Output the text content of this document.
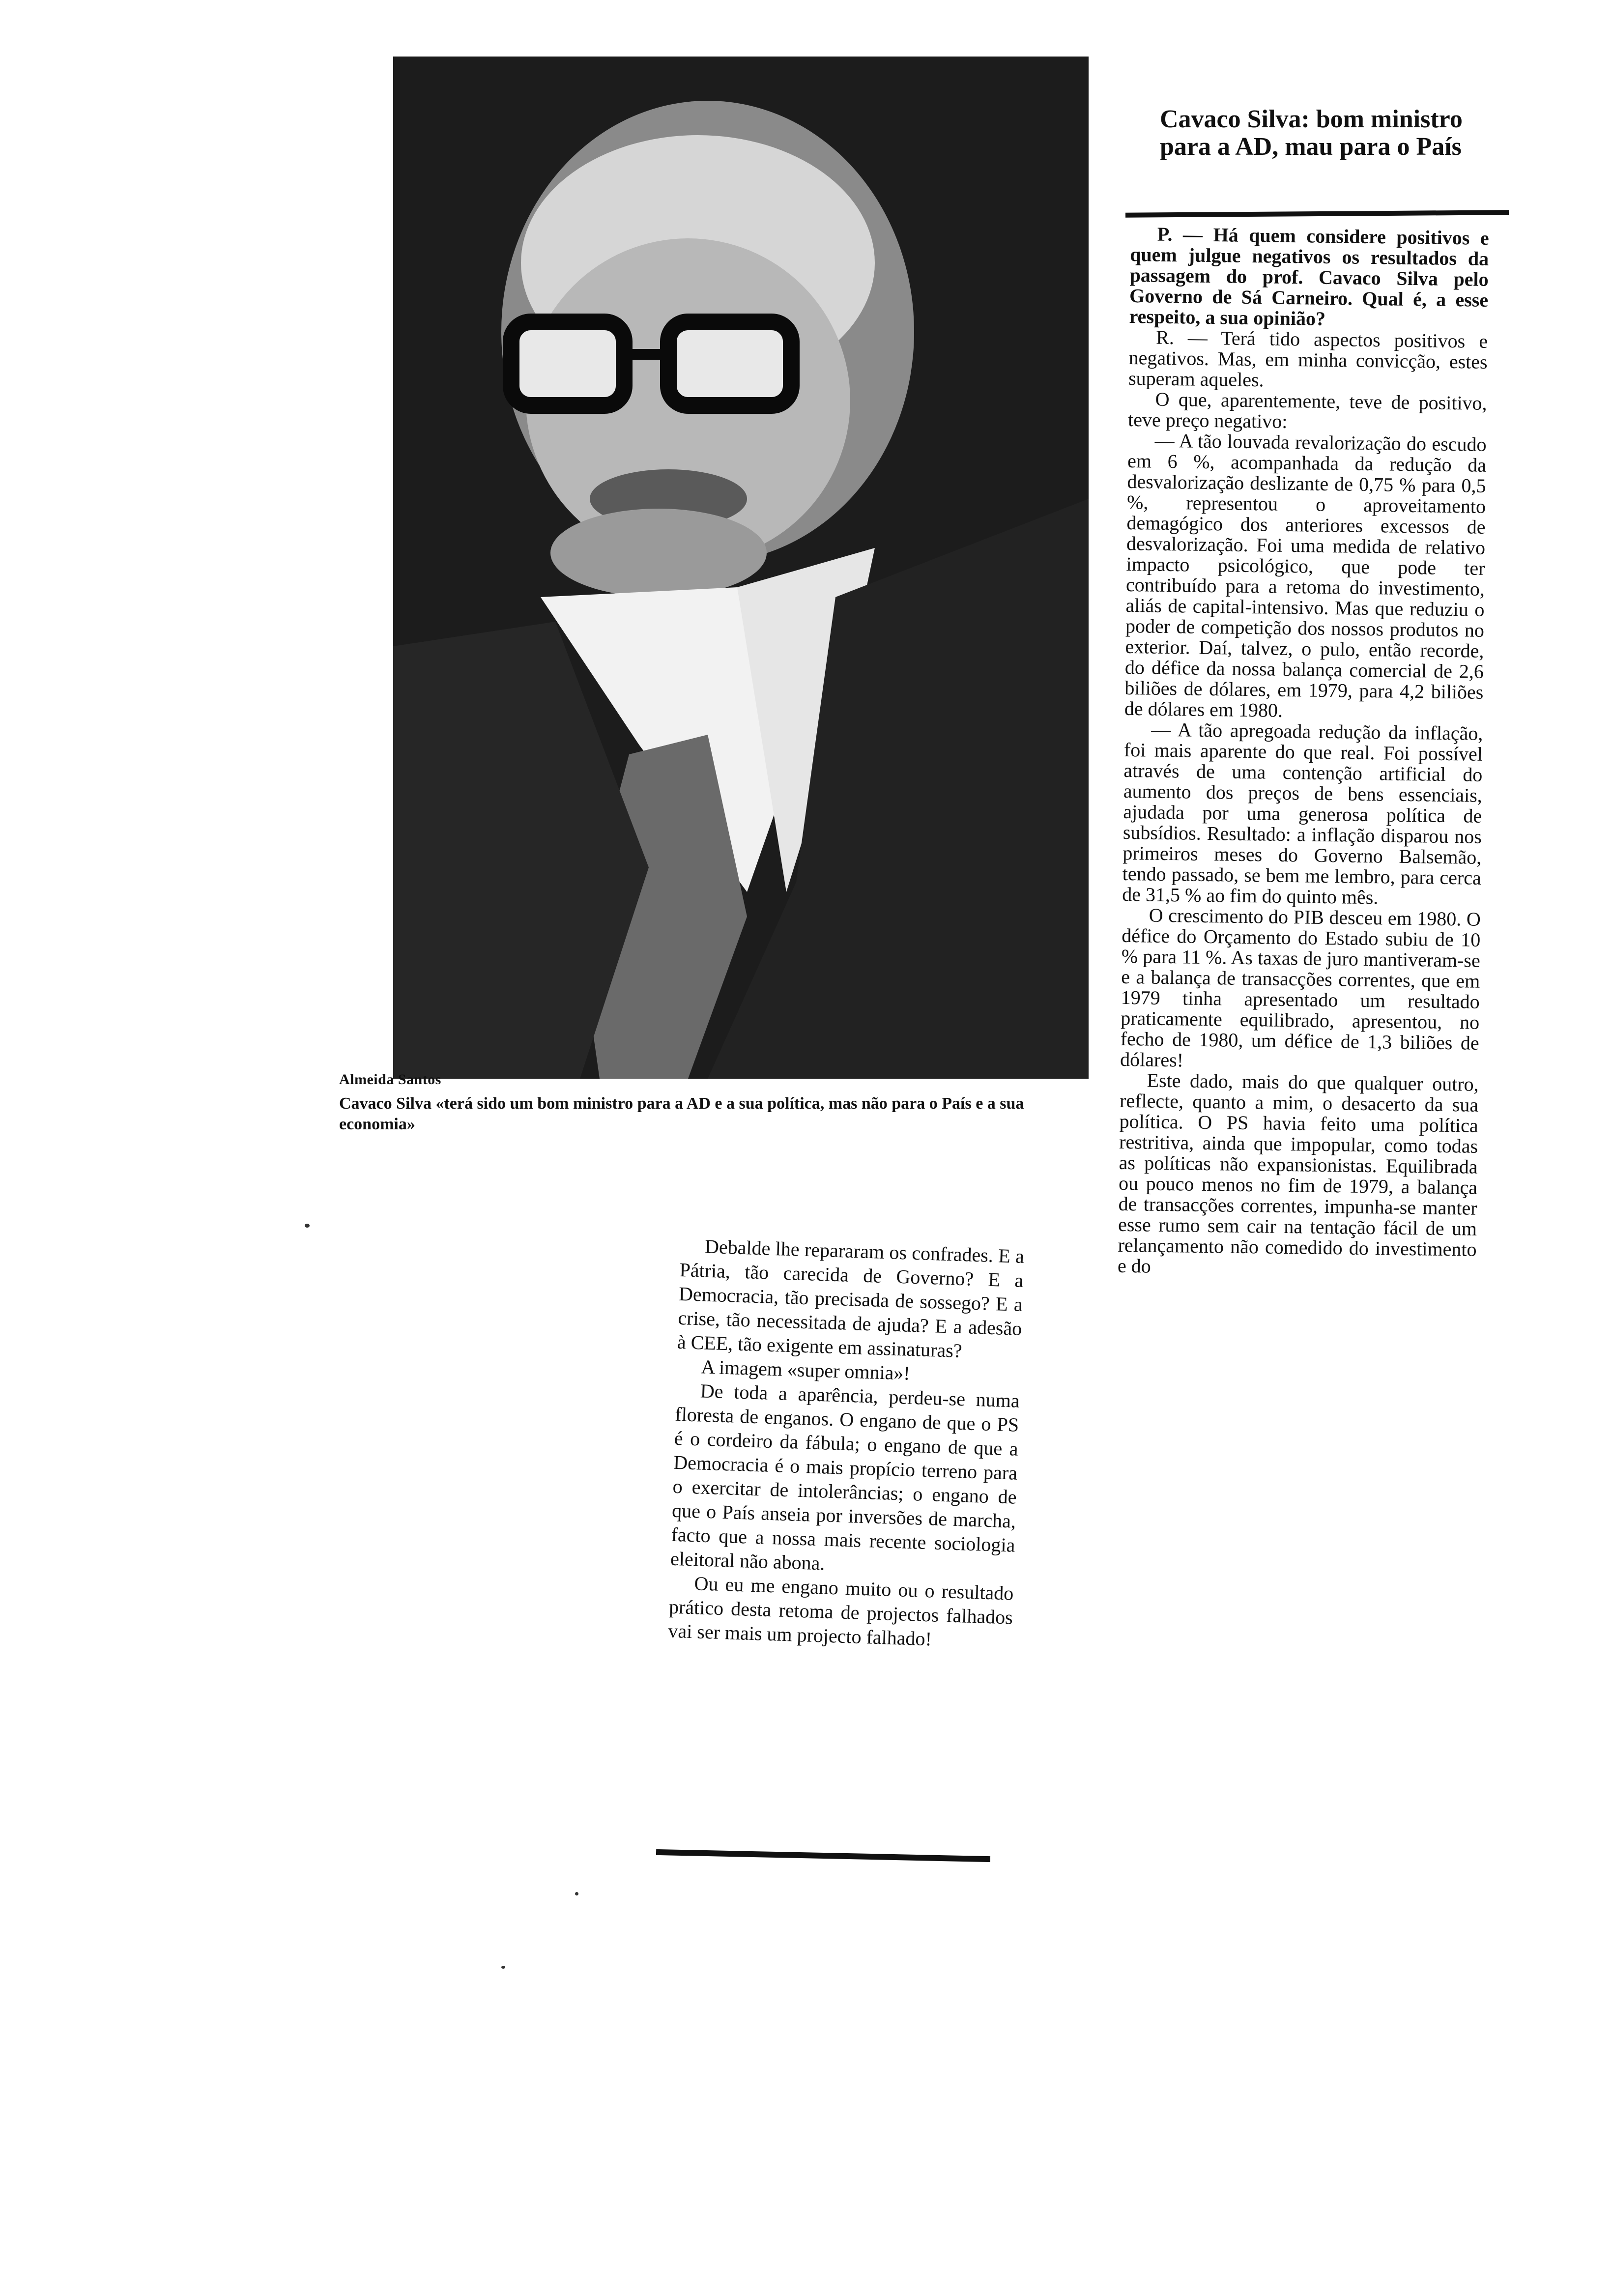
Almeida Santos
Cavaco Silva «terá sido um bom ministro para a AD e a sua política, mas não para o País e a sua economia»

Debalde lhe repararam os confrades. E a Pátria, tão carecida de Governo? E a Democracia, tão precisada de sossego? E a crise, tão necessitada de ajuda? E a adesão à CEE, tão exigente em assinaturas?

A imagem «super omnia»!

De toda a aparência, perdeu-se numa floresta de enganos. O engano de que o PS é o cordeiro da fábula; o engano de que a Democracia é o mais propício terreno para o exercitar de intolerâncias; o engano de que o País anseia por inversões de marcha, facto que a nossa mais recente sociologia eleitoral não abona.

Ou eu me engano muito ou o resultado prático desta retoma de projectos falhados vai ser mais um projecto falhado!

Cavaco Silva: bom ministro para a AD, mau para o País

P. — Há quem considere positivos e quem julgue negativos os resultados da passagem do prof. Cavaco Silva pelo Governo de Sá Carneiro. Qual é, a esse respeito, a sua opinião?

R. — Terá tido aspectos positivos e negativos. Mas, em minha convicção, estes superam aqueles.

O que, aparentemente, teve de positivo, teve preço negativo:

— A tão louvada revalorização do escudo em 6 %, acompanhada da redução da desvalorização deslizante de 0,75 % para 0,5 %, representou o aproveitamento demagógico dos anteriores excessos de desvalorização. Foi uma medida de relativo impacto psicológico, que pode ter contribuído para a retoma do investimento, aliás de capital-intensivo. Mas que reduziu o poder de competição dos nossos produtos no exterior. Daí, talvez, o pulo, então recorde, do défice da nossa balança comercial de 2,6 biliões de dólares, em 1979, para 4,2 biliões de dólares em 1980.

— A tão apregoada redução da inflação, foi mais aparente do que real. Foi possível através de uma contenção artificial do aumento dos preços de bens essenciais, ajudada por uma generosa política de subsídios. Resultado: a inflação disparou nos primeiros meses do Governo Balsemão, tendo passado, se bem me lembro, para cerca de 31,5 % ao fim do quinto mês.

O crescimento do PIB desceu em 1980. O défice do Orçamento do Estado subiu de 10 % para 11 %. As taxas de juro mantiveram-se e a balança de transacções correntes, que em 1979 tinha apresentado um resultado praticamente equilibrado, apresentou, no fecho de 1980, um défice de 1,3 biliões de dólares!

Este dado, mais do que qualquer outro, reflecte, quanto a mim, o desacerto da sua política. O PS havia feito uma política restritiva, ainda que impopular, como todas as políticas não expansionistas. Equilibrada ou pouco menos no fim de 1979, a balança de transacções correntes, impunha-se manter esse rumo sem cair na tentação fácil de um relançamento não comedido do investimento e do
